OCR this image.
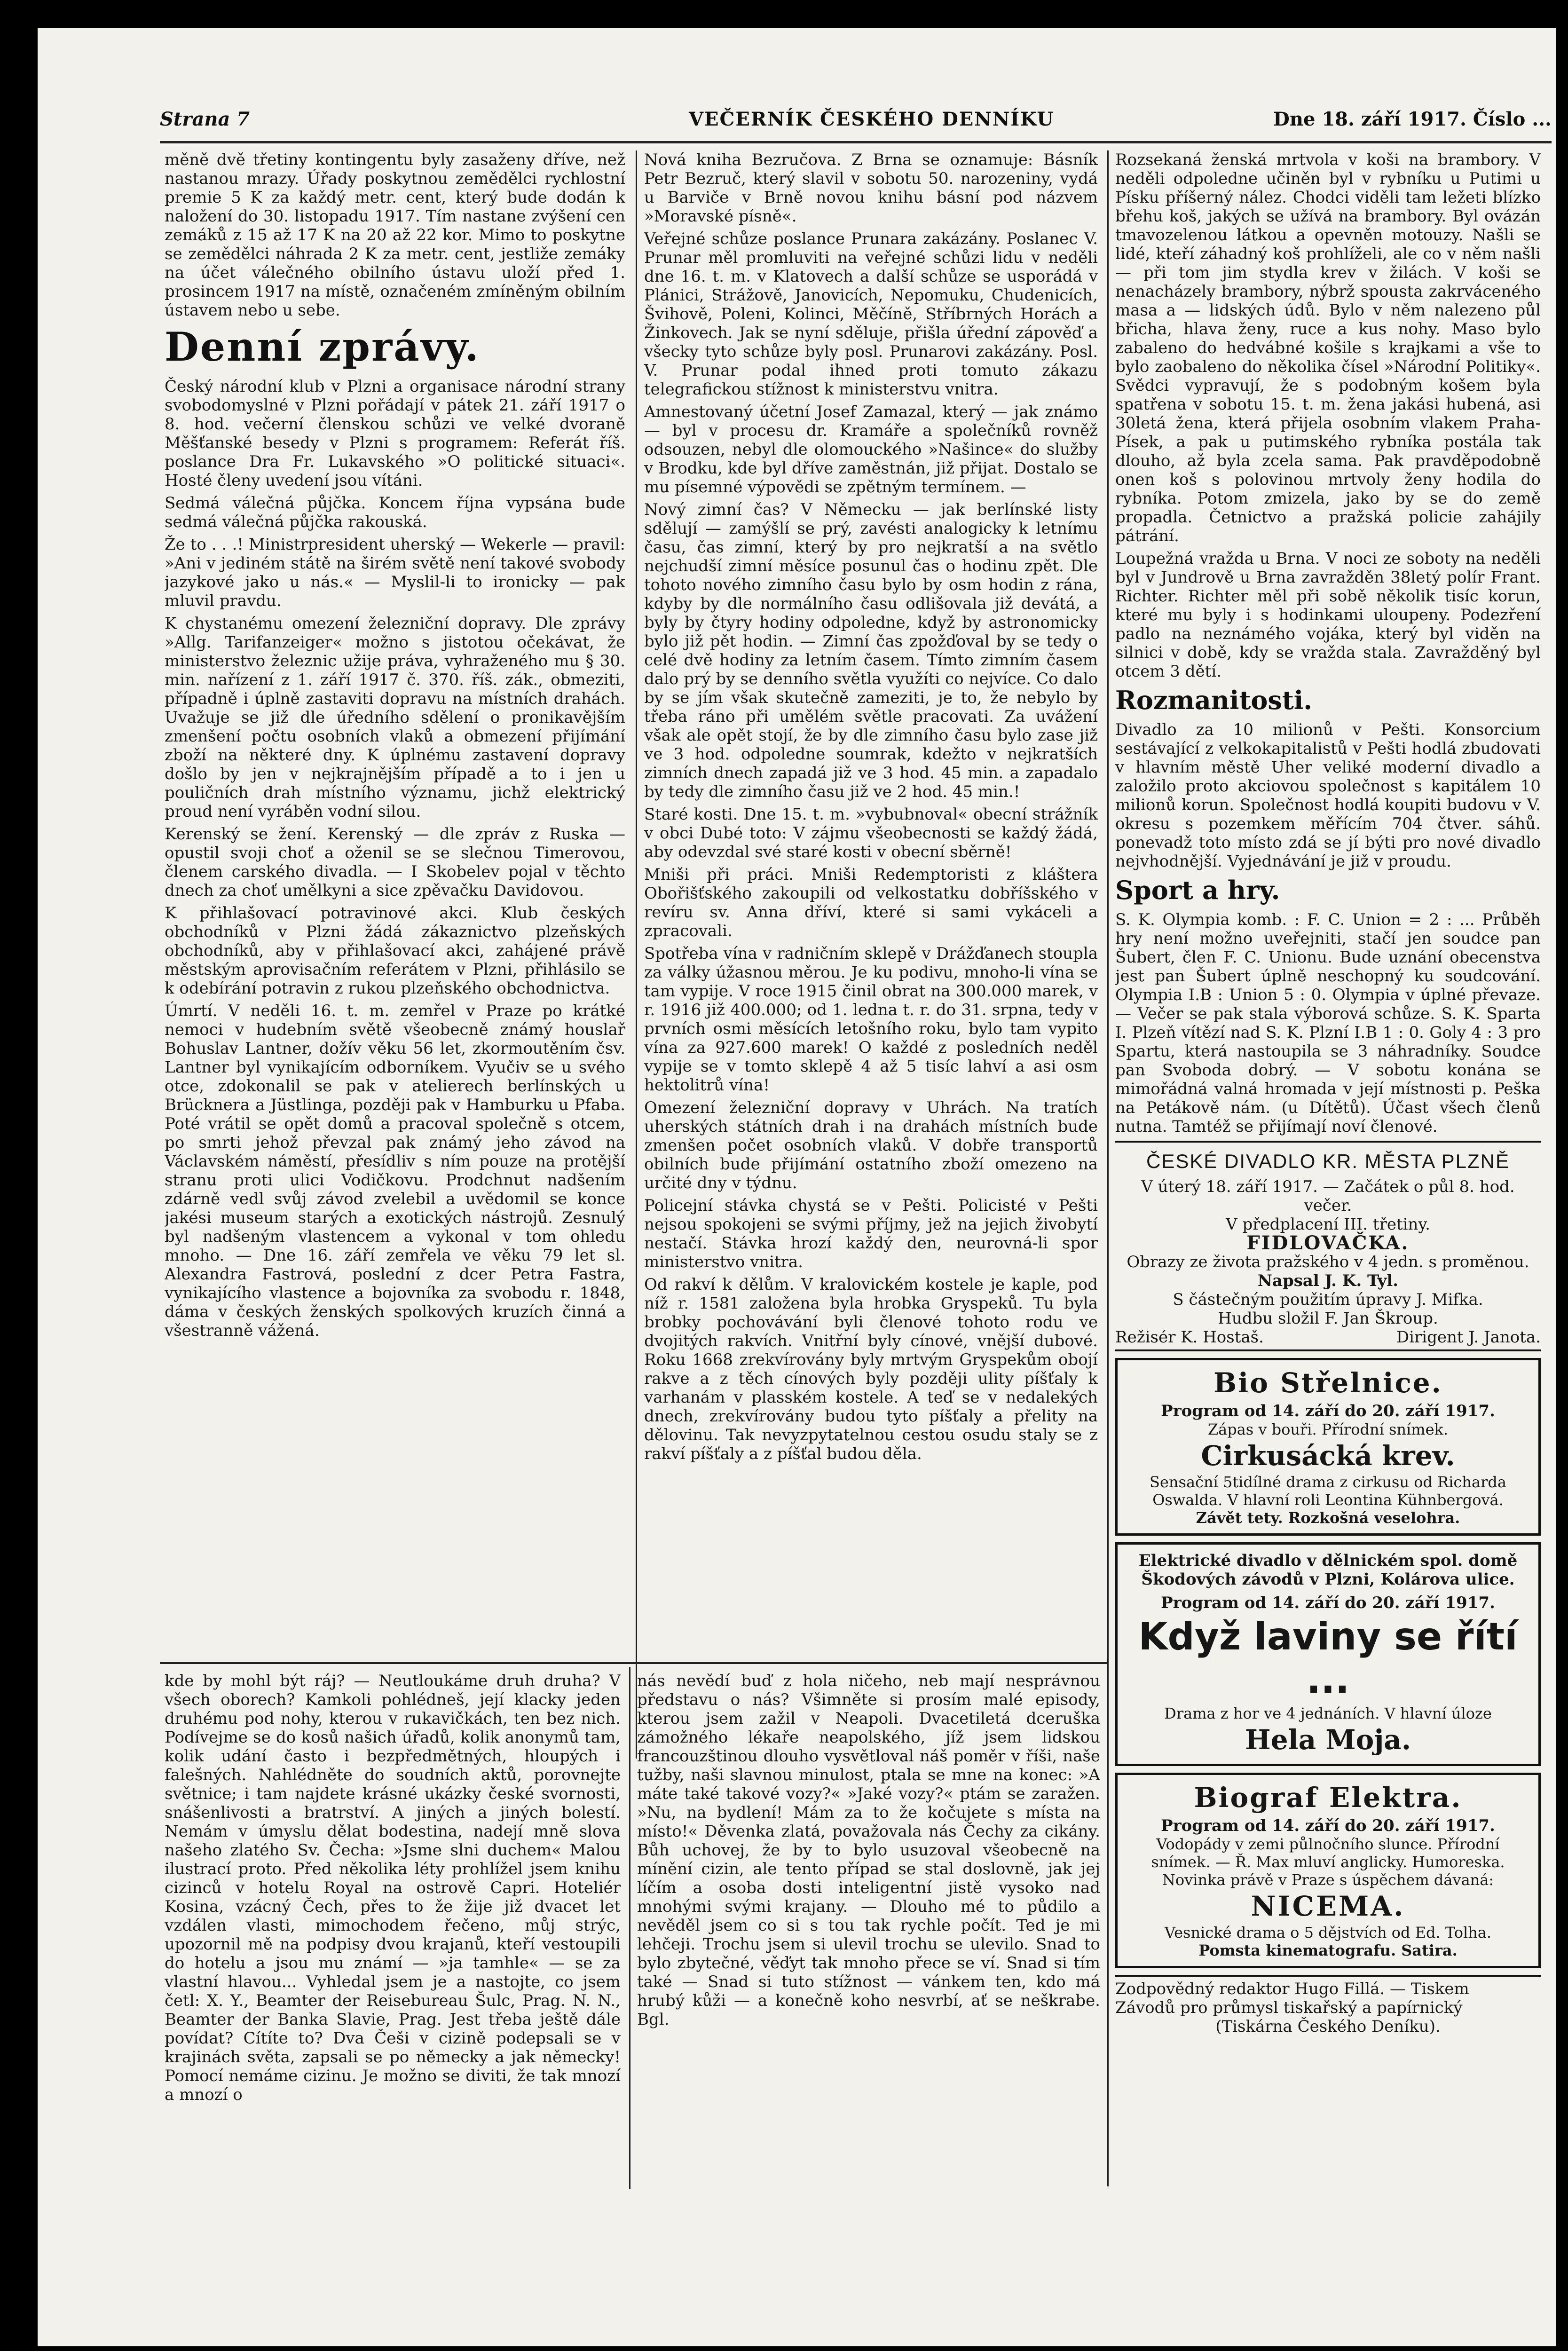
Strana 7	VEČERNÍK ČESKÉHO DENNÍKU	Dne 18. září 1917. Číslo ...

měně dvě třetiny kontingentu byly zasaženy dříve, než nastanou mrazy. Úřady poskytnou zemědělci rychlostní premie 5 K za každý metr. cent, který bude dodán k naložení do 30. listopadu 1917. Tím nastane zvýšení cen zemáků z 15 až 17 K na 20 až 22 kor. Mimo to poskytne se zemědělci náhrada 2 K za metr. cent, jestliže zemáky na účet válečného obilního ústavu uloží před 1. prosincem 1917 na místě, označeném zmíněným obilním ústavem nebo u sebe.

Denní zprávy.

Český národní klub v Plzni a organisace národní strany svobodomyslné v Plzni pořádají v pátek 21. září 1917 o 8. hod. večerní členskou schůzi ve velké dvoraně Měšťanské besedy v Plzni s programem: Referát říš. poslance Dra Fr. Lukavského »O politické situaci«. Hosté členy uvedení jsou vítáni.

Sedmá válečná půjčka. Koncem října vypsána bude sedmá válečná půjčka rakouská.

Že to . . .! Ministrpresident uherský — Wekerle — pravil: »Ani v jediném státě na širém světě není takové svobody jazykové jako u nás.« — Myslil-li to ironicky — pak mluvil pravdu.

K chystanému omezení železniční dopravy. Dle zprávy »Allg. Tarifanzeiger« možno s jistotou očekávat, že ministerstvo železnic užije práva, vyhraženého mu § 30. min. nařízení z 1. září 1917 č. 370. říš. zák., obmeziti, případně i úplně zastaviti dopravu na místních drahách. Uvažuje se již dle úředního sdělení o pronikavějším zmenšení počtu osobních vlaků a obmezení přijímání zboží na některé dny. K úplnému zastavení dopravy došlo by jen v nejkrajnějším případě a to i jen u pouličních drah místního významu, jichž elektrický proud není vyráběn vodní silou.

Kerenský se žení. Kerenský — dle zpráv z Ruska — opustil svoji choť a oženil se se slečnou Timerovou, členem carského divadla. — I Skobelev pojal v těchto dnech za choť umělkyni a sice zpěvačku Davidovou.

K přihlašovací potravinové akci. Klub českých obchodníků v Plzni žádá zákaznictvo plzeňských obchodníků, aby v přihlašovací akci, zahájené právě městským aprovisačním referátem v Plzni, přihlásilo se k odebírání potravin z rukou plzeňského obchodnictva.

Úmrtí. V neděli 16. t. m. zemřel v Praze po krátké nemoci v hudebním světě všeobecně známý houslař Bohuslav Lantner, dožív věku 56 let, zkormoutěním čsv. Lantner byl vynikajícím odborníkem. Vyučiv se u svého otce, zdokonalil se pak v atelierech berlínských u Brücknera a Jüstlinga, později pak v Hamburku u Pfaba. Poté vrátil se opět domů a pracoval společně s otcem, po smrti jehož převzal pak známý jeho závod na Václavském náměstí, přesídliv s ním pouze na protější stranu proti ulici Vodičkovu. Prodchnut nadšením zdárně vedl svůj závod zvelebil a uvědomil se konce jakési museum starých a exotických nástrojů. Zesnulý byl nadšeným vlastencem a vykonal v tom ohledu mnoho. — Dne 16. září zemřela ve věku 79 let sl. Alexandra Fastrová, poslední z dcer Petra Fastra, vynikajícího vlastence a bojovníka za svobodu r. 1848, dáma v českých ženských spolkových kruzích činná a všestranně vážená.

Nová kniha Bezručova. Z Brna se oznamuje: Básník Petr Bezruč, který slavil v sobotu 50. narozeniny, vydá u Barviče v Brně novou knihu básní pod názvem »Moravské písně«.

Veřejné schůze poslance Prunara zakázány. Poslanec V. Prunar měl promluviti na veřejné schůzi lidu v neděli dne 16. t. m. v Klatovech a další schůze se usporádá v Plánici, Strážově, Janovicích, Nepomuku, Chudenicích, Švihově, Poleni, Kolinci, Měčíně, Stříbrných Horách a Žinkovech. Jak se nyní sděluje, přišla úřední zápověď a všecky tyto schůze byly posl. Prunarovi zakázány. Posl. V. Prunar podal ihned proti tomuto zákazu telegrafickou stížnost k ministerstvu vnitra.

Amnestovaný účetní Josef Zamazal, který — jak známo — byl v procesu dr. Kramáře a společníků rovněž odsouzen, nebyl dle olomouckého »Našince« do služby v Brodku, kde byl dříve zaměstnán, již přijat. Dostalo se mu písemné výpovědi se zpětným termínem. —

Nový zimní čas? V Německu — jak berlínské listy sdělují — zamýšlí se prý, zavésti analogicky k letnímu času, čas zimní, který by pro nejkratší a na světlo nejchudší zimní měsíce posunul čas o hodinu zpět. Dle tohoto nového zimního času bylo by osm hodin z rána, kdyby by dle normálního času odlišovala již devátá, a byly by čtyry hodiny odpoledne, když by astronomicky bylo již pět hodin. — Zimní čas zpožďoval by se tedy o celé dvě hodiny za letním časem. Tímto zimním časem dalo prý by se denního světla využíti co nejvíce. Co dalo by se jím však skutečně zameziti, je to, že nebylo by třeba ráno při umělém světle pracovati. Za uvážení však ale opět stojí, že by dle zimního času bylo zase již ve 3 hod. odpoledne soumrak, kdežto v nejkratších zimních dnech zapadá již ve 3 hod. 45 min. a zapadalo by tedy dle zimního času již ve 2 hod. 45 min.!

Staré kosti. Dne 15. t. m. »vybubnoval« obecní strážník v obci Dubé toto: V zájmu všeobecnosti se každý žádá, aby odevzdal své staré kosti v obecní sběrně!

Mniši při práci. Mniši Redemptoristi z kláštera Obořišťského zakoupili od velkostatku dobříšského v revíru sv. Anna dříví, které si sami vykáceli a zpracovali.

Spotřeba vína v radničním sklepě v Drážďanech stoupla za války úžasnou měrou. Je ku podivu, mnoho-li vína se tam vypije. V roce 1915 činil obrat na 300.000 marek, v r. 1916 již 400.000; od 1. ledna t. r. do 31. srpna, tedy v prvních osmi měsících letošního roku, bylo tam vypito vína za 927.600 marek! O každé z posledních neděl vypije se v tomto sklepě 4 až 5 tisíc lahví a asi osm hektolitrů vína!

Omezení železniční dopravy v Uhrách. Na tratích uherských státních drah i na drahách místních bude zmenšen počet osobních vlaků. V dobře transportů obilních bude přijímání ostatního zboží omezeno na určité dny v týdnu.

Policejní stávka chystá se v Pešti. Policisté v Pešti nejsou spokojeni se svými příjmy, jež na jejich živobytí nestačí. Stávka hrozí každý den, neurovná-li spor ministerstvo vnitra.

Od rakví k dělům. V kralovickém kostele je kaple, pod níž r. 1581 založena byla hrobka Gryspeků. Tu byla brobky pochovávání byli členové tohoto rodu ve dvojitých rakvích. Vnitřní byly cínové, vnější dubové. Roku 1668 zrekvírovány byly mrtvým Gryspekům obojí rakve a z těch cínových byly později ulity píšťaly k varhanám v plasském kostele. A teď se v nedalekých dnech, zrekvírovány budou tyto píšťaly a přelity na dělovinu. Tak nevyzpytatelnou cestou osudu staly se z rakví píšťaly a z píšťal budou děla.

kde by mohl být ráj? — Neutloukáme druh druha? V všech oborech? Kamkoli pohlédneš, její klacky jeden druhému pod nohy, kterou v rukavičkách, ten bez nich. Podívejme se do kosů našich úřadů, kolik anonymů tam, kolik udání často i bezpředmětných, hloupých i falešných. Nahlédněte do soudních aktů, porovnejte světnice; i tam najdete krásné ukázky české svornosti, snášenlivosti a bratrství. A jiných a jiných bolestí. Nemám v úmyslu dělat bodestina, nadejí mně slova našeho zlatého Sv. Čecha: »Jsme slni duchem« Malou ilustrací proto. Před několika léty prohlížel jsem knihu cizinců v hotelu Royal na ostrově Capri. Hoteliér Kosina, vzácný Čech, přes to že žije již dvacet let vzdálen vlasti, mimochodem řečeno, můj strýc, upozornil mě na podpisy dvou krajanů, kteří vestoupili do hotelu a jsou mu známí — »ja tamhle« — se za vlastní hlavou... Vyhledal jsem je a nastojte, co jsem četl: X. Y., Beamter der Reisebureau Šulc, Prag. N. N., Beamter der Banka Slavie, Prag. Jest třeba ještě dále povídat? Cítíte to? Dva Češi v cizině podepsali se v krajinách světa, zapsali se po německy a jak německy! Pomocí nemáme cizinu. Je možno se diviti, že tak mnozí a mnozí o

nás nevědí buď z hola ničeho, neb mají nesprávnou představu o nás? Všimněte si prosím malé episody, kterou jsem zažil v Neapoli. Dvacetiletá dceruška zámožného lékaře neapolského, jíž jsem lidskou francouzštinou dlouho vysvětloval náš poměr v říši, naše tužby, naši slavnou minulost, ptala se mne na konec: »A máte také takové vozy?« »Jaké vozy?« ptám se zaražen. »Nu, na bydlení! Mám za to že kočujete s místa na místo!« Děvenka zlatá, považovala nás Čechy za cikány. Bůh uchovej, že by to bylo usuzoval všeobecně na mínění cizin, ale tento případ se stal doslovně, jak jej líčím a osoba dosti inteligentní jistě vysoko nad mnohými svými krajany. — Dlouho mé to půdilo a nevěděl jsem co si s tou tak rychle počít. Ted je mi lehčeji. Trochu jsem si ulevil trochu se ulevilo. Snad to bylo zbytečné, věďyt tak mnoho přece se ví. Snad si tím také — Snad si tuto stížnost — vánkem ten, kdo má hrubý kůži — a konečně koho nesvrbí, ať se neškrabe. Bgl.

Rozsekaná ženská mrtvola v koši na brambory. V neděli odpoledne učiněn byl v rybníku u Putimi u Písku příšerný nález. Chodci viděli tam ležeti blízko břehu koš, jakých se užívá na brambory. Byl ovázán tmavozelenou látkou a opevněn motouzy. Našli se lidé, kteří záhadný koš prohlíželi, ale co v něm našli — při tom jim stydla krev v žilách. V koši se nenacházely brambory, nýbrž spousta zakrváceného masa a — lidských údů. Bylo v něm nalezeno půl břicha, hlava ženy, ruce a kus nohy. Maso bylo zabaleno do hedvábné košile s krajkami a vše to bylo zaobaleno do několika čísel »Národní Politiky«. Svědci vypravují, že s podobným košem byla spatřena v sobotu 15. t. m. žena jakási hubená, asi 30letá žena, která přijela osobním vlakem Praha-Písek, a pak u putimského rybníka postála tak dlouho, až byla zcela sama. Pak pravděpodobně onen koš s polovinou mrtvoly ženy hodila do rybníka. Potom zmizela, jako by se do země propadla. Četnictvo a pražská policie zahájily pátrání.

Loupežná vražda u Brna. V noci ze soboty na neděli byl v Jundrově u Brna zavražděn 38letý polír Frant. Richter. Richter měl při sobě několik tisíc korun, které mu byly i s hodinkami uloupeny. Podezření padlo na neznámého vojáka, který byl viděn na silnici v době, kdy se vražda stala. Zavražděný byl otcem 3 dětí.

Rozmanitosti.

Divadlo za 10 milionů v Pešti. Konsorcium sestávající z velkokapitalistů v Pešti hodlá zbudovati v hlavním městě Uher veliké moderní divadlo a založilo proto akciovou společnost s kapitálem 10 milionů korun. Společnost hodlá koupiti budovu v V. okresu s pozemkem měřícím 704 čtver. sáhů. ponevadž toto místo zdá se jí býti pro nové divadlo nejvhodnější. Vyjednávání je již v proudu.

Sport a hry.

S. K. Olympia komb. : F. C. Union = 2 : ... Průběh hry není možno uveřejniti, stačí jen soudce pan Šubert, člen F. C. Unionu. Bude uznání obecenstva jest pan Šubert úplně neschopný ku soudcování. Olympia I.B : Union 5 : 0. Olympia v úplné převaze. — Večer se pak stala výborová schůze. S. K. Sparta I. Plzeň vítězí nad S. K. Plzní I.B 1 : 0. Goly 4 : 3 pro Spartu, která nastoupila se 3 náhradníky. Soudce pan Svoboda dobrý. — V sobotu konána se mimořádná valná hromada v její místnosti p. Peška na Petákově nám. (u Dítětů). Účast všech členů nutna. Tamtéž se přijímají noví členové.

ČESKÉ DIVADLO KR. MĚSTA PLZNĚ
V úterý 18. září 1917. — Začátek o půl 8. hod. večer.
V předplacení III. třetiny.
FIDLOVAČKA.
Obrazy ze života pražského v 4 jedn. s proměnou.
Napsal J. K. Tyl.
S částečným použitím úpravy J. Mifka.
Hudbu složil F. Jan Škroup.
Režisér K. Hostaš.	Dirigent J. Janota.
Bio Střelnice.
Program od 14. září do 20. září 1917.
Zápas v bouři. Přírodní snímek.
Cirkusácká krev.
Sensační 5tidílné drama z cirkusu od Richarda Oswalda. V hlavní roli Leontina Kühnbergová.
Závět tety. Rozkošná veselohra.
Elektrické divadlo v dělnickém spol. domě Škodových závodů v Plzni, Kolárova ulice.
Program od 14. září do 20. září 1917.
Když laviny se řítí ...
Drama z hor ve 4 jednáních. V hlavní úloze
Hela Moja.
Biograf Elektra.
Program od 14. září do 20. září 1917.
Vodopády v zemi půlnočního slunce. Přírodní snímek. — Ř. Max mluví anglicky. Humoreska. Novinka právě v Praze s úspěchem dávaná:
NICEMA.
Vesnické drama o 5 dějstvích od Ed. Tolha.
Pomsta kinematografu. Satira.
Zodpovědný redaktor Hugo Fillá. — Tiskem
Závodů pro průmysl tiskařský a papírnický
(Tiskárna Českého Deníku).
